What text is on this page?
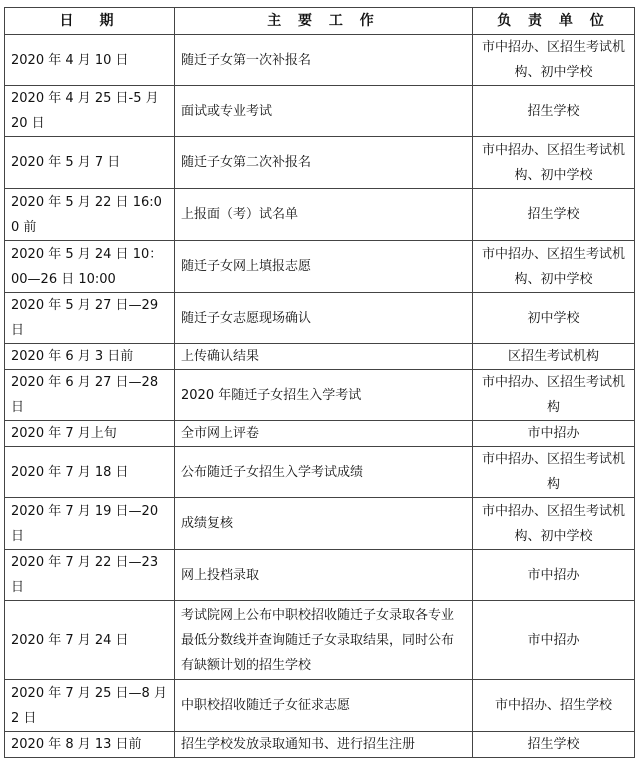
日　期	主 要 工 作	负 责 单 位
2020 年 4 月 10 日	随迁子女第一次补报名	市中招办、区招生考试机构、初中学校
2020 年 4 月 25 日-5 月 20 日	面试或专业考试	招生学校
2020 年 5 月 7 日	随迁子女第二次补报名	市中招办、区招生考试机构、初中学校
2020 年 5 月 22 日 16:00 前	上报面（考）试名单	招生学校
2020 年 5 月 24 日 10：00—26 日 10:00	随迁子女网上填报志愿	市中招办、区招生考试机构、初中学校
2020 年 5 月 27 日—29 日	随迁子女志愿现场确认	初中学校
2020 年 6 月 3 日前	上传确认结果	区招生考试机构
2020 年 6 月 27 日—28 日	2020 年随迁子女招生入学考试	市中招办、区招生考试机构
2020 年 7 月上旬	全市网上评卷	市中招办
2020 年 7 月 18 日	公布随迁子女招生入学考试成绩	市中招办、区招生考试机构
2020 年 7 月 19 日—20 日	成绩复核	市中招办、区招生考试机构、初中学校
2020 年 7 月 22 日—23 日	网上投档录取	市中招办
2020 年 7 月 24 日	考试院网上公布中职校招收随迁子女录取各专业最低分数线并查询随迁子女录取结果，同时公布有缺额计划的招生学校	市中招办
2020 年 7 月 25 日—8 月 2 日	中职校招收随迁子女征求志愿	市中招办、招生学校
2020 年 8 月 13 日前	招生学校发放录取通知书、进行招生注册	招生学校
